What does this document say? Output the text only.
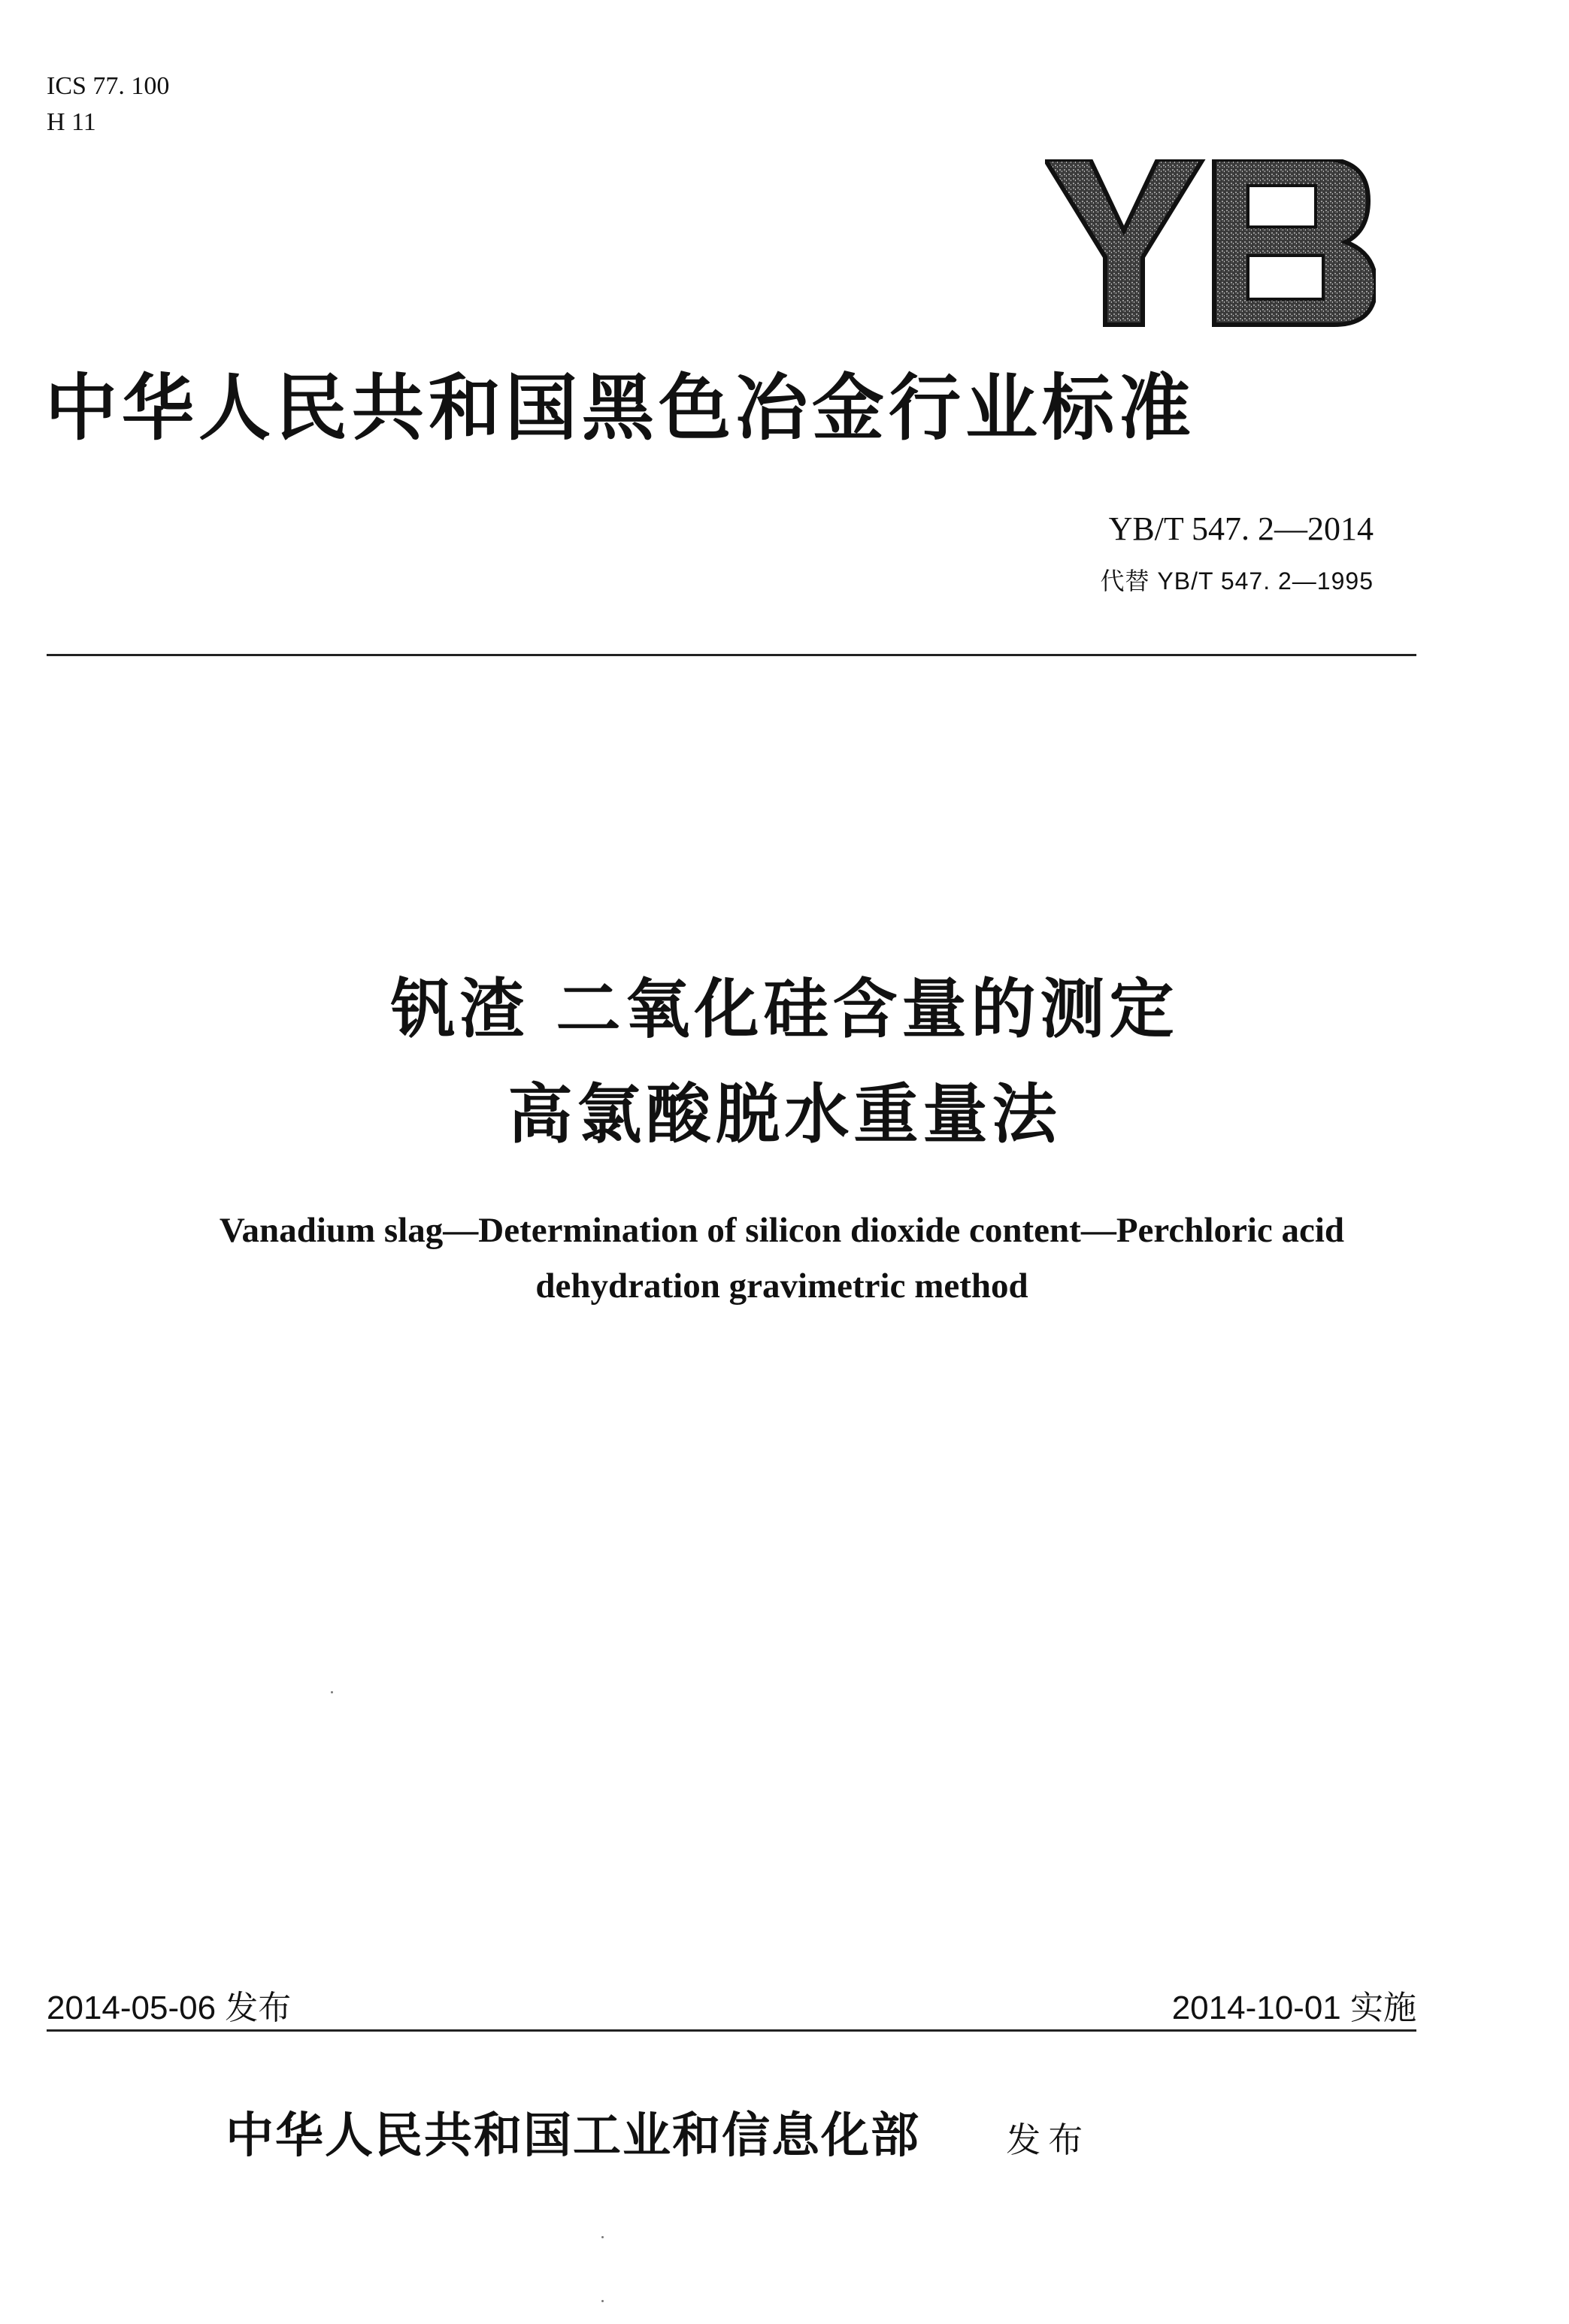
ICS 77. 100
H 11
中华人民共和国黑色冶金行业标准
YB/T 547. 2—2014
代替 YB/T 547. 2—1995
钒渣 二氧化硅含量的测定
高氯酸脱水重量法
Vanadium slag—Determination of silicon dioxide content—Perchloric acid
dehydration gravimetric method
2014-05-06 发布	2014-10-01 实施
中华人民共和国工业和信息化部 发布
